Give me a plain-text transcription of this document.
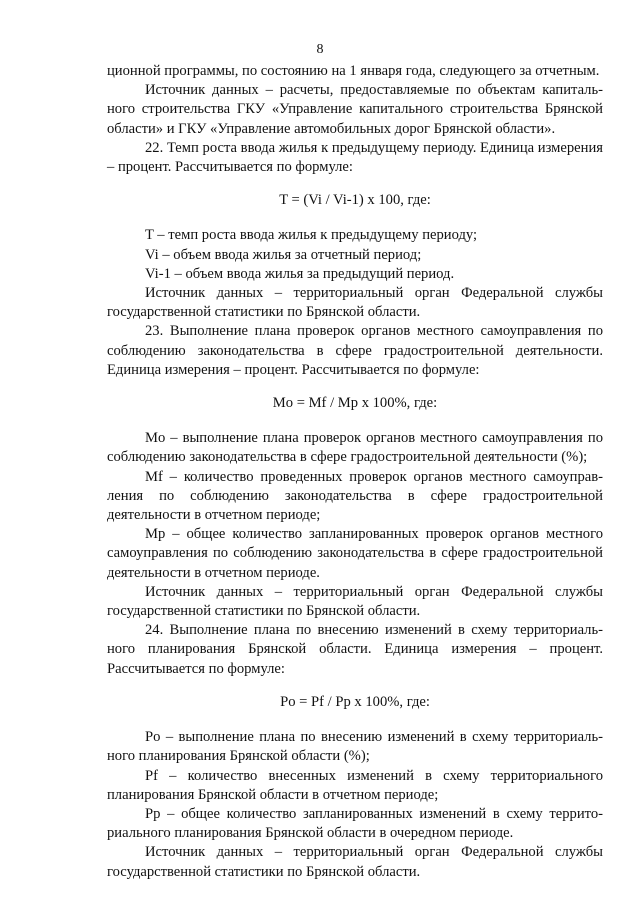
8

ционной программы, по состоянию на 1 января года, следующего за отчетным.

Источник данных – расчеты, предоставляемые по объектам капитального строительства ГКУ «Управление капитального строительства Брянской области» и ГКУ «Управление автомобильных дорог Брянской области».

22. Темп роста ввода жилья к предыдущему периоду. Единица измерения – процент. Рассчитывается по формуле:

T = (Vi / Vi-1) x 100, где:

T – темп роста ввода жилья к предыдущему периоду;

Vi – объем ввода жилья за отчетный период;

Vi-1 – объем ввода жилья за предыдущий период.

Источник данных – территориальный орган Федеральной службы государственной статистики по Брянской области.

23. Выполнение плана проверок органов местного самоуправления по соблюдению законодательства в сфере градостроительной деятельности. Единица измерения – процент. Рассчитывается по формуле:

Mo = Mf / Mp x 100%, где:

Mo – выполнение плана проверок органов местного самоуправления по соблюдению законодательства в сфере градостроительной деятельности (%);

Mf – количество проведенных проверок органов местного самоуправления по соблюдению законодательства в сфере градостроительной деятельности в отчетном периоде;

Mp – общее количество запланированных проверок органов местного самоуправления по соблюдению законодательства в сфере градостроительной деятельности в отчетном периоде.

Источник данных – территориальный орган Федеральной службы государственной статистики по Брянской области.

24. Выполнение плана по внесению изменений в схему территориального планирования Брянской области. Единица измерения – процент. Рассчитывается по формуле:

Po = Pf / Pp x 100%, где:

Po – выполнение плана по внесению изменений в схему территориального планирования Брянской области (%);

Pf – количество внесенных изменений в схему территориального планирования Брянской области в отчетном периоде;

Pp – общее количество запланированных изменений в схему территориального планирования Брянской области в очередном периоде.

Источник данных – территориальный орган Федеральной службы государственной статистики по Брянской области.
